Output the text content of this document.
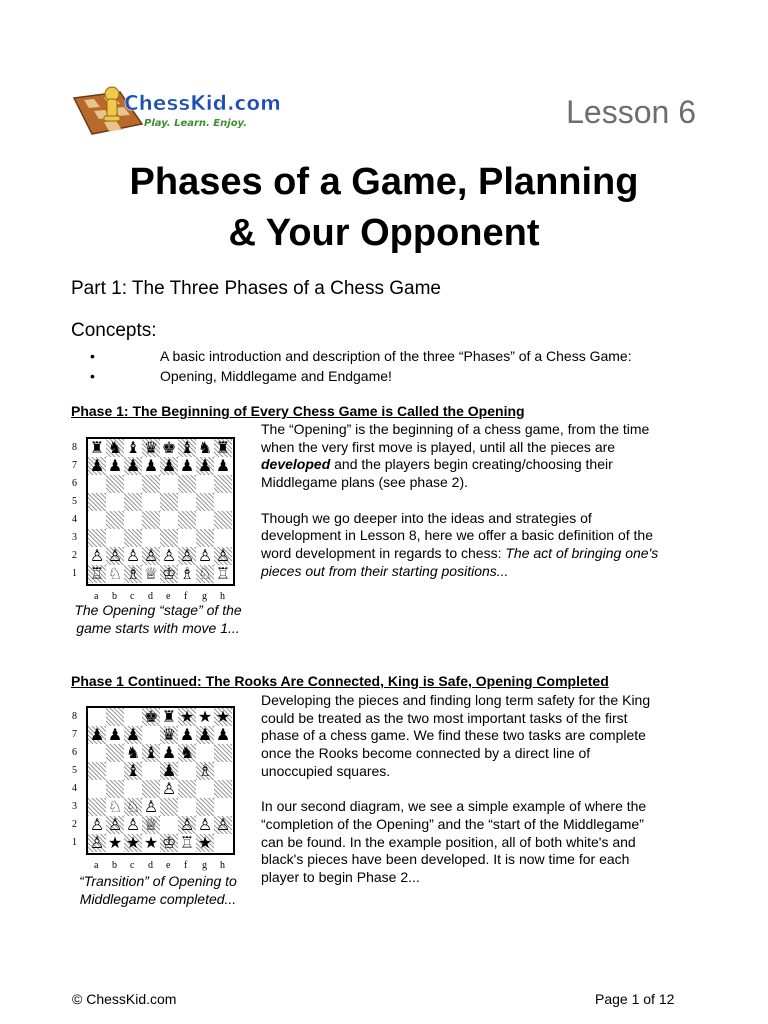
ChessKid.com
Play. Learn. Enjoy.	Lesson 6
Phases of a Game, Planning
& Your Opponent
Part 1: The Three Phases of a Chess Game
Concepts:
•	A basic introduction and description of the three “Phases” of a Chess Game:
•	Opening, Middlegame and Endgame!
Phase 1: The Beginning of Every Chess Game is Called the Opening

The “Opening” is the beginning of a chess game, from the time when the very first move is played, until all the pieces are developed and the players begin creating/choosing their Middlegame plans (see phase 2).

Though we go deeper into the ideas and strategies of development in Lesson 8, here we offer a basic definition of the word development in regards to chess: The act of bringing one's pieces out from their starting positions...

♜ ♞ ♝ ♛ ♚ ♝ ♞ ♜
8
♟ ♟ ♟ ♟ ♟ ♟ ♟ ♟
7
6
5
4
3
♙ ♙ ♙ ♙ ♙ ♙ ♙ ♙
2
♖ ♘ ♗ ♕ ♔ ♗ ♘ ♖
1
a b c d e f g h
The Opening “stage” of the game starts with move 1...
Phase 1 Continued: The Rooks Are Connected, King is Safe, Opening Completed

Developing the pieces and finding long term safety for the King could be treated as the two most important tasks of the first phase of a chess game. We find these two tasks are complete once the Rooks become connected by a direct line of unoccupied squares.

In our second diagram, we see a simple example of where the “completion of the Opening” and the “start of the Middlegame” can be found. In the example position, all of both white's and black's pieces have been developed. It is now time for each player to begin Phase 2...

♚ ♜ ★ ★ ★
8
♟ ♟ ♟ ♛ ♟ ♟ ♟
7
♞ ♝ ♟ ♞
6
♝ ♟ ♗
5
♙
4
♘ ♘ ♙
3
♙ ♙ ♙ ♕ ♙ ♙ ♙
2
♙ ★ ★ ★ ♔ ♖ ★
1
a b c d e f g h
“Transition” of Opening to Middlegame completed...
© ChessKid.com	Page 1 of 12
